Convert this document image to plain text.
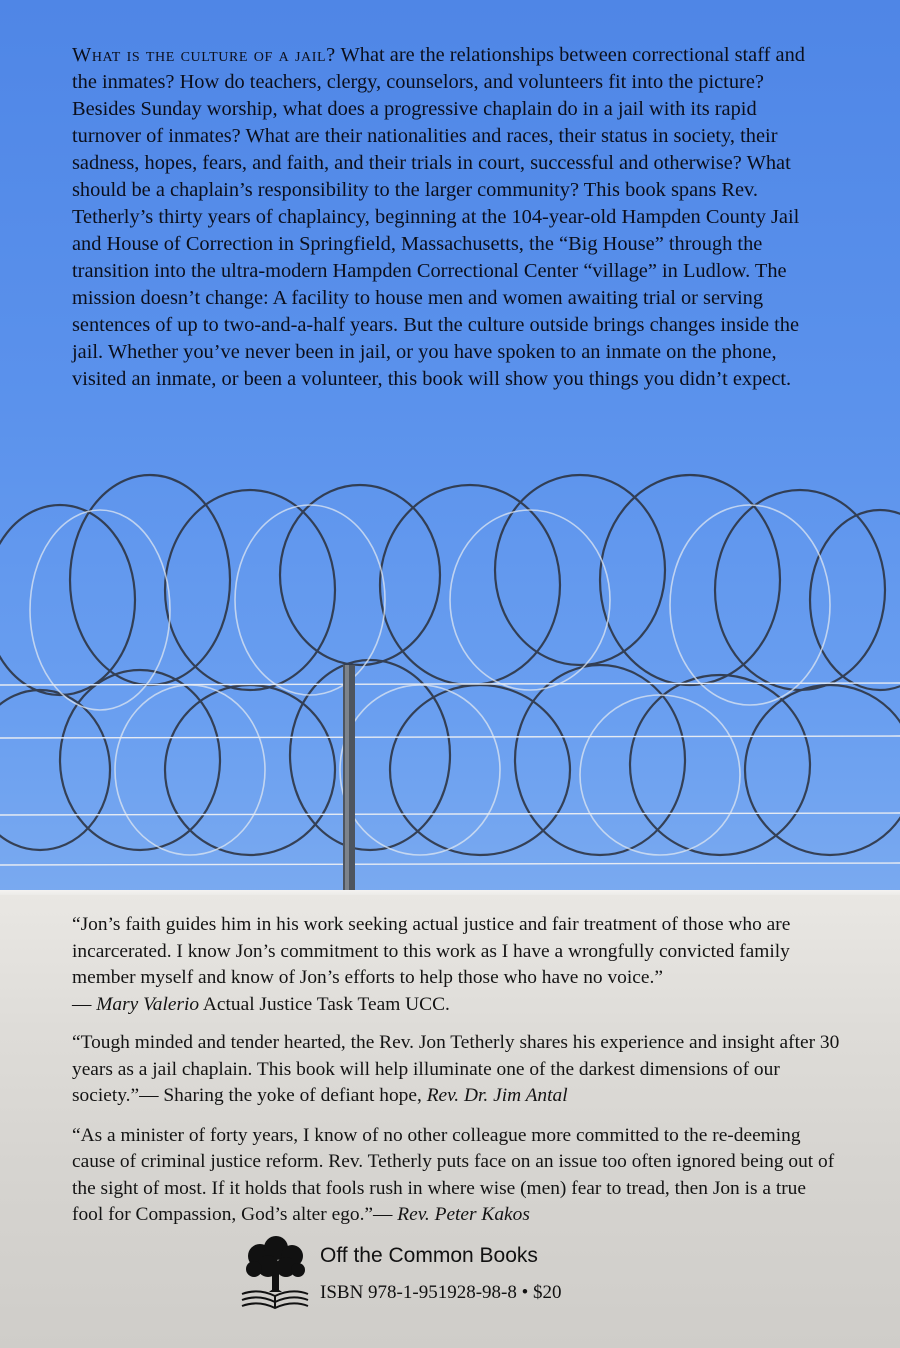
What is the culture of a jail? What are the relationships between correctional staff and the inmates? How do teachers, clergy, counselors, and volunteers fit into the picture? Besides Sunday worship, what does a progressive chaplain do in a jail with its rapid turnover of inmates? What are their nationalities and races, their status in society, their sadness, hopes, fears, and faith, and their trials in court, successful and otherwise? What should be a chaplain’s responsibility to the larger community? This book spans Rev. Tetherly’s thirty years of chaplaincy, beginning at the 104-year-old Hampden County Jail and House of Correction in Springfield, Massachusetts, the “Big House” through the transition into the ultra-modern Hampden Correctional Center “village” in Ludlow. The mission doesn’t change: A facility to house men and women awaiting trial or serving sentences of up to two-and-a-half years. But the culture outside brings changes inside the jail. Whether you’ve never been in jail, or you have spoken to an inmate on the phone, visited an inmate, or been a volunteer, this book will show you things you didn’t expect.

“Jon’s faith guides him in his work seeking actual justice and fair treatment of those who are incarcerated. I know Jon’s commitment to this work as I have a wrongfully convicted family member myself and know of Jon’s efforts to help those who have no voice.”
— Mary Valerio Actual Justice Task Team UCC.

“Tough minded and tender hearted, the Rev. Jon Tetherly shares his experience and insight after 30 years as a jail chaplain. This book will help illuminate one of the darkest dimensions of our society.”— Sharing the yoke of defiant hope, Rev. Dr. Jim Antal

“As a minister of forty years, I know of no other colleague more committed to the re-deeming cause of criminal justice reform. Rev. Tetherly puts face on an issue too often ignored being out of the sight of most. If it holds that fools rush in where wise (men) fear to tread, then Jon is a true fool for Compassion, God’s alter ego.”— Rev. Peter Kakos

Off the Common Books
ISBN 978-1-951928-98-8 • $20
